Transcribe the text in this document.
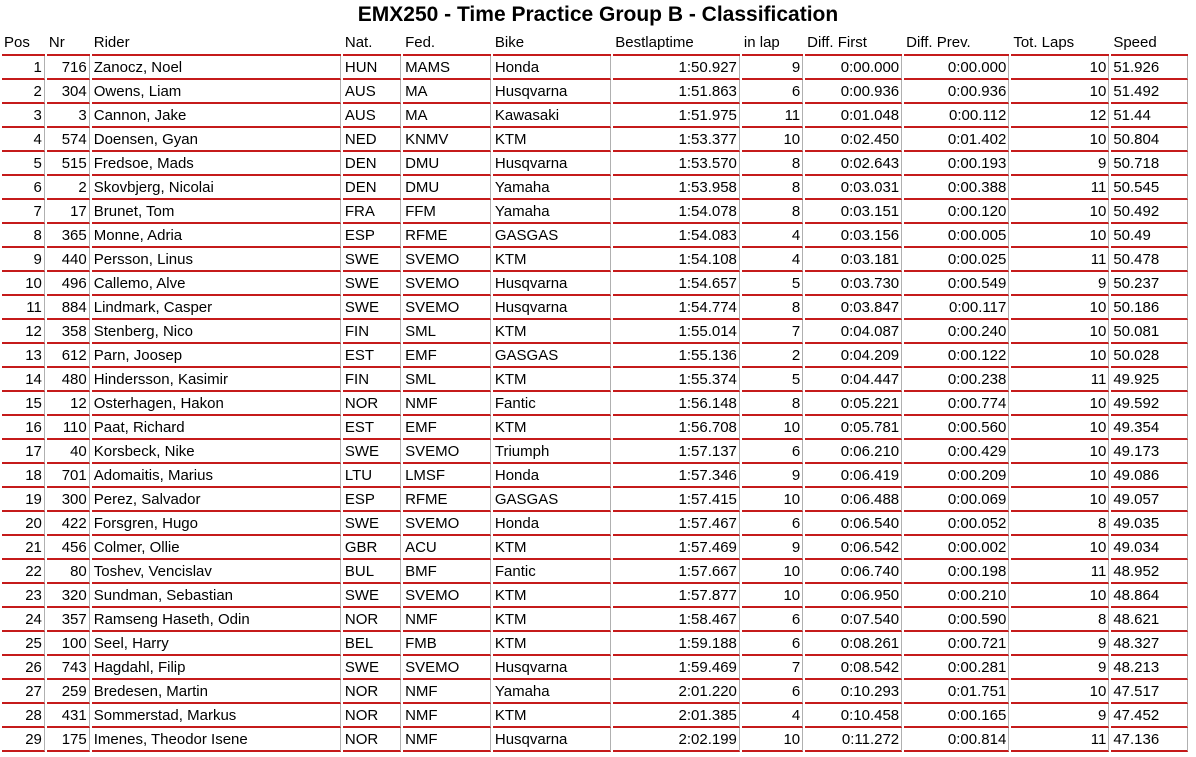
EMX250 - Time Practice Group B - Classification
Pos	Nr	Rider	Nat.	Fed.	Bike	Bestlaptime	in lap	Diff. First	Diff. Prev.	Tot. Laps	Speed
1	716	Zanocz, Noel	HUN	MAMS	Honda	1:50.927	9	0:00.000	0:00.000	10	51.926
2	304	Owens, Liam	AUS	MA	Husqvarna	1:51.863	6	0:00.936	0:00.936	10	51.492
3	3	Cannon, Jake	AUS	MA	Kawasaki	1:51.975	11	0:01.048	0:00.112	12	51.44
4	574	Doensen, Gyan	NED	KNMV	KTM	1:53.377	10	0:02.450	0:01.402	10	50.804
5	515	Fredsoe, Mads	DEN	DMU	Husqvarna	1:53.570	8	0:02.643	0:00.193	9	50.718
6	2	Skovbjerg, Nicolai	DEN	DMU	Yamaha	1:53.958	8	0:03.031	0:00.388	11	50.545
7	17	Brunet, Tom	FRA	FFM	Yamaha	1:54.078	8	0:03.151	0:00.120	10	50.492
8	365	Monne, Adria	ESP	RFME	GASGAS	1:54.083	4	0:03.156	0:00.005	10	50.49
9	440	Persson, Linus	SWE	SVEMO	KTM	1:54.108	4	0:03.181	0:00.025	11	50.478
10	496	Callemo, Alve	SWE	SVEMO	Husqvarna	1:54.657	5	0:03.730	0:00.549	9	50.237
11	884	Lindmark, Casper	SWE	SVEMO	Husqvarna	1:54.774	8	0:03.847	0:00.117	10	50.186
12	358	Stenberg, Nico	FIN	SML	KTM	1:55.014	7	0:04.087	0:00.240	10	50.081
13	612	Parn, Joosep	EST	EMF	GASGAS	1:55.136	2	0:04.209	0:00.122	10	50.028
14	480	Hindersson, Kasimir	FIN	SML	KTM	1:55.374	5	0:04.447	0:00.238	11	49.925
15	12	Osterhagen, Hakon	NOR	NMF	Fantic	1:56.148	8	0:05.221	0:00.774	10	49.592
16	110	Paat, Richard	EST	EMF	KTM	1:56.708	10	0:05.781	0:00.560	10	49.354
17	40	Korsbeck, Nike	SWE	SVEMO	Triumph	1:57.137	6	0:06.210	0:00.429	10	49.173
18	701	Adomaitis, Marius	LTU	LMSF	Honda	1:57.346	9	0:06.419	0:00.209	10	49.086
19	300	Perez, Salvador	ESP	RFME	GASGAS	1:57.415	10	0:06.488	0:00.069	10	49.057
20	422	Forsgren, Hugo	SWE	SVEMO	Honda	1:57.467	6	0:06.540	0:00.052	8	49.035
21	456	Colmer, Ollie	GBR	ACU	KTM	1:57.469	9	0:06.542	0:00.002	10	49.034
22	80	Toshev, Vencislav	BUL	BMF	Fantic	1:57.667	10	0:06.740	0:00.198	11	48.952
23	320	Sundman, Sebastian	SWE	SVEMO	KTM	1:57.877	10	0:06.950	0:00.210	10	48.864
24	357	Ramseng Haseth, Odin	NOR	NMF	KTM	1:58.467	6	0:07.540	0:00.590	8	48.621
25	100	Seel, Harry	BEL	FMB	KTM	1:59.188	6	0:08.261	0:00.721	9	48.327
26	743	Hagdahl, Filip	SWE	SVEMO	Husqvarna	1:59.469	7	0:08.542	0:00.281	9	48.213
27	259	Bredesen, Martin	NOR	NMF	Yamaha	2:01.220	6	0:10.293	0:01.751	10	47.517
28	431	Sommerstad, Markus	NOR	NMF	KTM	2:01.385	4	0:10.458	0:00.165	9	47.452
29	175	Imenes, Theodor Isene	NOR	NMF	Husqvarna	2:02.199	10	0:11.272	0:00.814	11	47.136
